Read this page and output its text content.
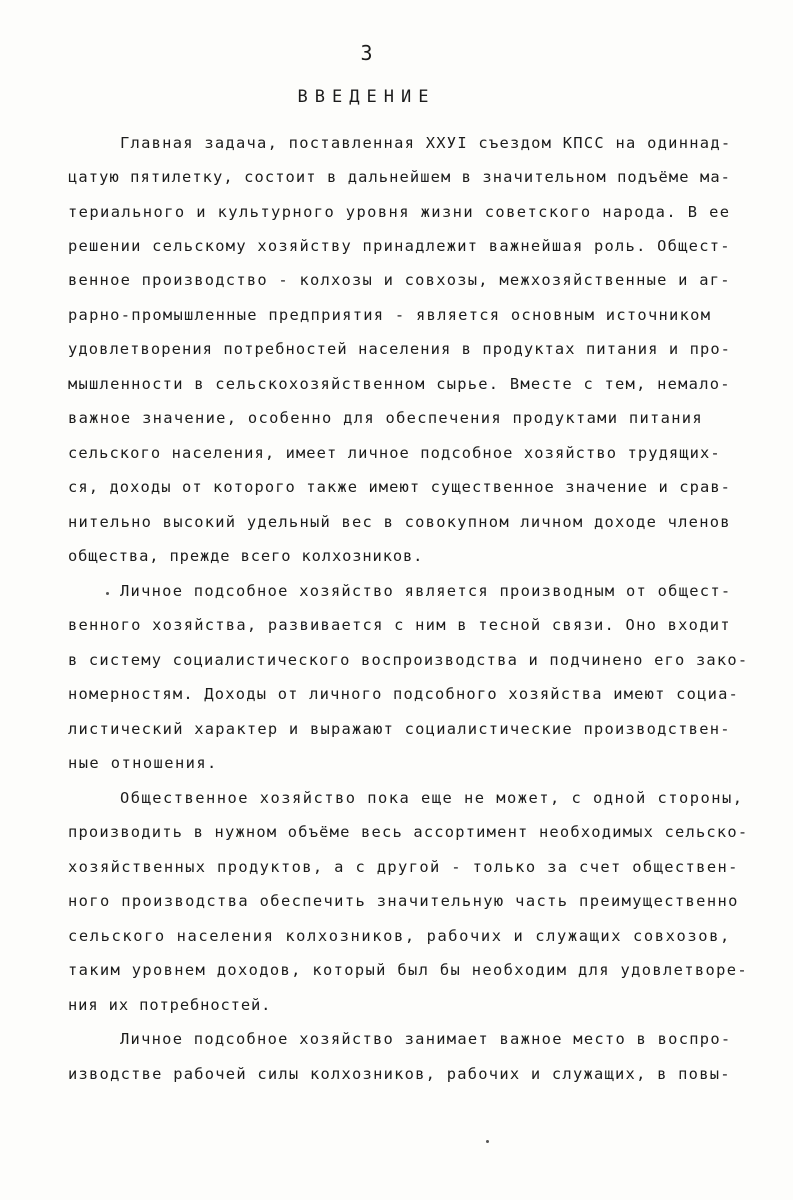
3
ВВЕДЕНИЕ
Главная задача, поставленная ХХУI съездом КПСС на одиннад-
цатую пятилетку, состоит в дальнейшем в значительном подъёме ма-
териального и культурного уровня жизни советского народа. В ее
решении сельскому хозяйству принадлежит важнейшая роль. Общест-
венное производство - колхозы и совхозы, межхозяйственные и аг-
рарно-промышленные предприятия - является основным источником
удовлетворения потребностей населения в продуктах питания и про-
мышленности в сельскохозяйственном сырье. Вместе с тем, немало-
важное значение, особенно для обеспечения продуктами питания
сельского населения, имеет личное подсобное хозяйство трудящих-
ся, доходы от которого также имеют существенное значение и срав-
нительно высокий удельный вес в совокупном личном доходе членов
общества, прежде всего колхозников.
Личное подсобное хозяйство является производным от общест-
венного хозяйства, развивается с ним в тесной связи. Оно входит
в систему социалистического воспроизводства и подчинено его зако-
номерностям. Доходы от личного подсобного хозяйства имеют социа-
листический характер и выражают социалистические производствен-
ные отношения.
Общественное хозяйство пока еще не может, с одной стороны,
производить в нужном объёме весь ассортимент необходимых сельско-
хозяйственных продуктов, а с другой - только за счет обществен-
ного производства обеспечить значительную часть преимущественно
сельского населения колхозников, рабочих и служащих совхозов,
таким уровнем доходов, который был бы необходим для удовлетворе-
ния их потребностей.
Личное подсобное хозяйство занимает важное место в воспро-
изводстве рабочей силы колхозников, рабочих и служащих, в повы-
